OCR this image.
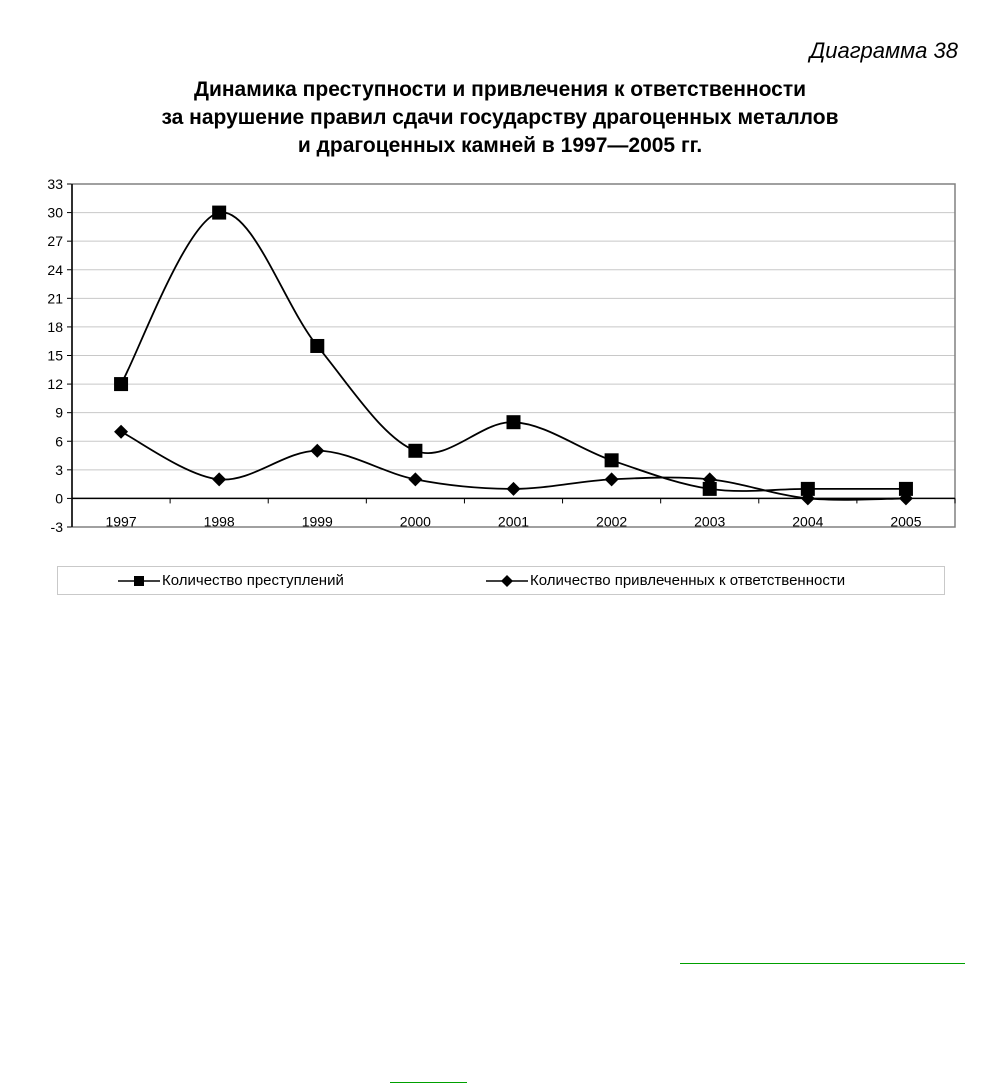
Диаграмма 38
Динамика преступности и привлечения к ответственности
за нарушение правил сдачи государству драгоценных металлов
и драгоценных камней в 1997—2005 гг.
33
30
27
24
21
18
15
12
9
6
3
0
-3	1997	1998	1999	2000	2001	2002	2003	2004	2005
Количество преступлений	Количество привлеченных к ответственности
